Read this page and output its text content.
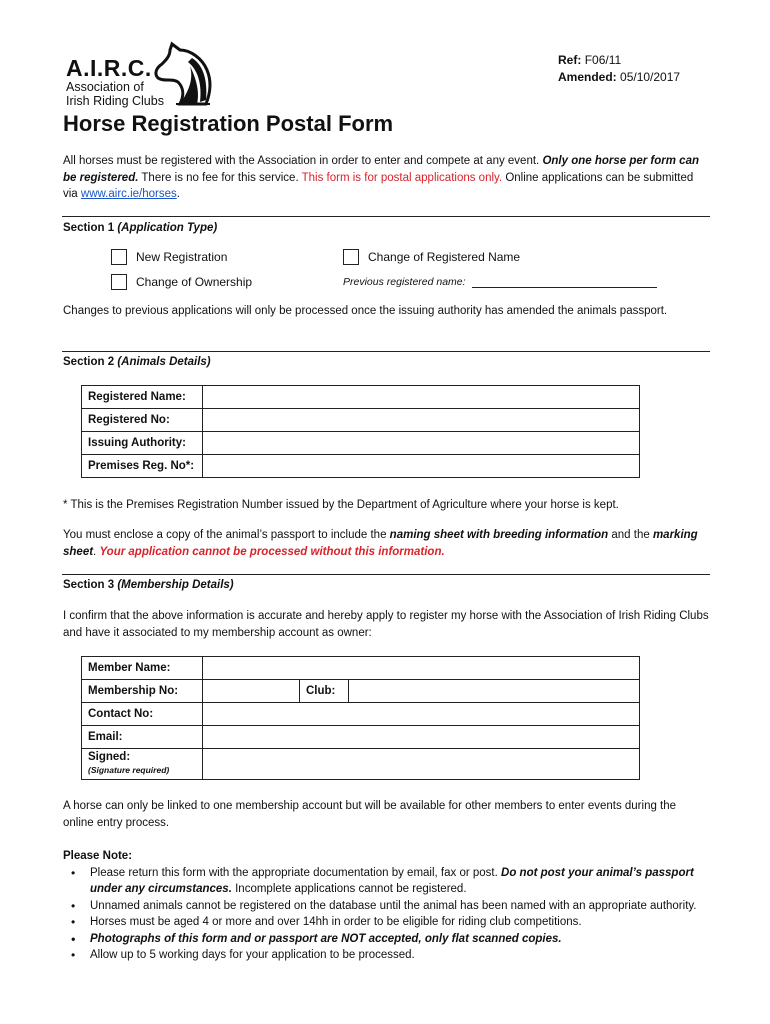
A.I.R.C.
Association of
Irish Riding Clubs
Ref: F06/11
Amended: 05/10/2017
Horse Registration Postal Form
All horses must be registered with the Association in order to enter and compete at any event. Only one horse per form can be registered. There is no fee for this service. This form is for postal applications only. Online applications can be submitted via www.airc.ie/horses.
Section 1 (Application Type)
New Registration	Change of Registered Name
Change of Ownership	Previous registered name:
Changes to previous applications will only be processed once the issuing authority has amended the animals passport.
Section 2 (Animals Details)
Registered Name:	
Registered No:	
Issuing Authority:	
Premises Reg. No*:	
* This is the Premises Registration Number issued by the Department of Agriculture where your horse is kept.
You must enclose a copy of the animal’s passport to include the naming sheet with breeding information and the marking sheet. Your application cannot be processed without this information.
Section 3 (Membership Details)
I confirm that the above information is accurate and hereby apply to register my horse with the Association of Irish Riding Clubs and have it associated to my membership account as owner:
Member Name:			
Membership No:		Club:	
Contact No:			
Email:			

Signed:
(Signature required)			

A horse can only be linked to one membership account but will be available for other members to enter events during the online entry process.
Please Note:
• Please return this form with the appropriate documentation by email, fax or post. Do not post your animal’s passport under any circumstances. Incomplete applications cannot be registered.
• Unnamed animals cannot be registered on the database until the animal has been named with an appropriate authority.
• Horses must be aged 4 or more and over 14hh in order to be eligible for riding club competitions.
• Photographs of this form and or passport are NOT accepted, only flat scanned copies.
• Allow up to 5 working days for your application to be processed.
